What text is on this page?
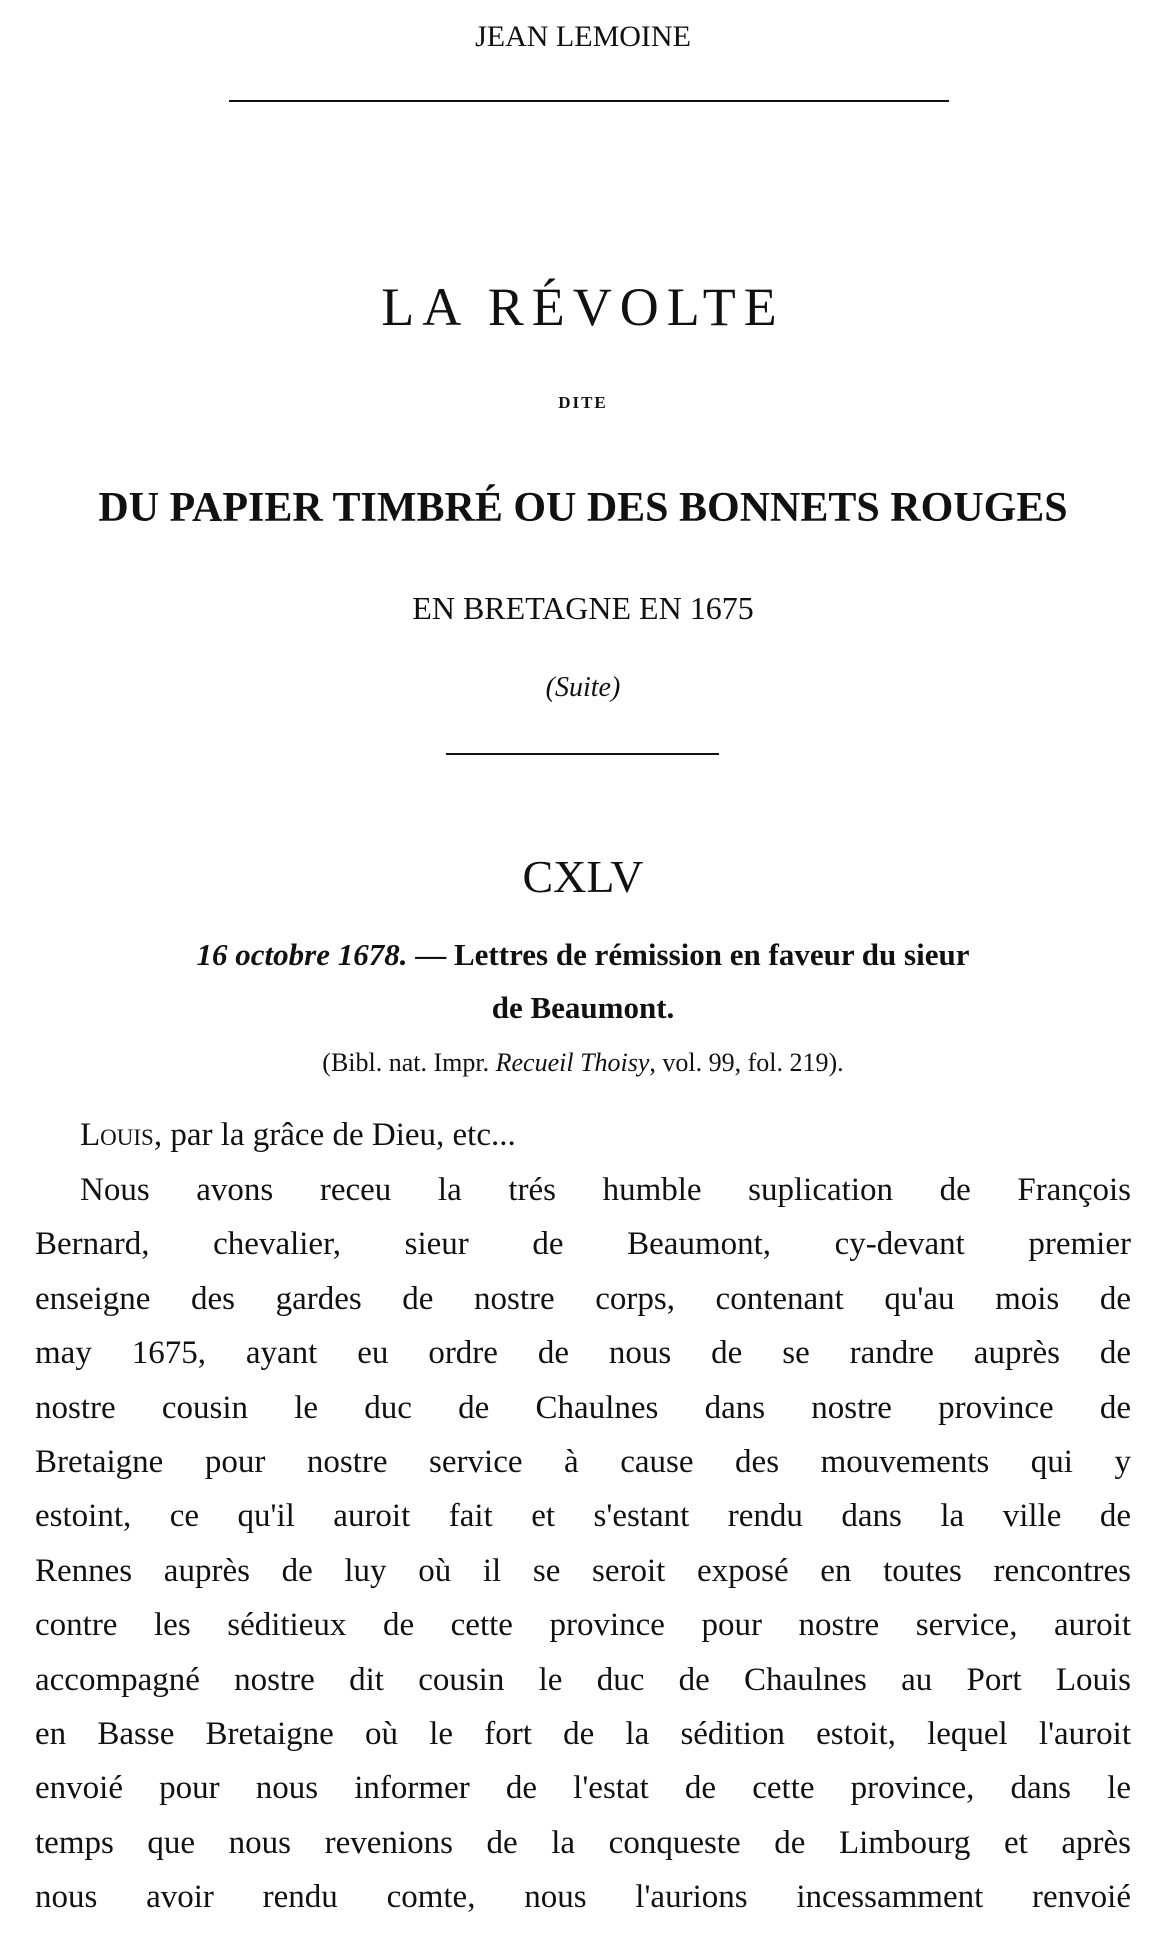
JEAN LEMOINE
LA RÉVOLTE
DITE
DU PAPIER TIMBRÉ OU DES BONNETS ROUGES
EN BRETAGNE EN 1675
(Suite)
CXLV
16 octobre 1678. — Lettres de rémission en faveur du sieur
de Beaumont.
(Bibl. nat. Impr. Recueil Thoisy, vol. 99, fol. 219).
Louis, par la grâce de Dieu, etc...
Nous avons receu la trés humble suplication de François
Bernard, chevalier, sieur de Beaumont, cy-devant premier
enseigne des gardes de nostre corps, contenant qu'au mois de
may 1675, ayant eu ordre de nous de se randre auprès de
nostre cousin le duc de Chaulnes dans nostre province de
Bretaigne pour nostre service à cause des mouvements qui y
estoint, ce qu'il auroit fait et s'estant rendu dans la ville de
Rennes auprès de luy où il se seroit exposé en toutes rencontres
contre les séditieux de cette province pour nostre service, auroit
accompagné nostre dit cousin le duc de Chaulnes au Port Louis
en Basse Bretaigne où le fort de la sédition estoit, lequel l'auroit
envoié pour nous informer de l'estat de cette province, dans le
temps que nous revenions de la conqueste de Limbourg et après
nous avoir rendu comte, nous l'aurions incessamment renvoié
